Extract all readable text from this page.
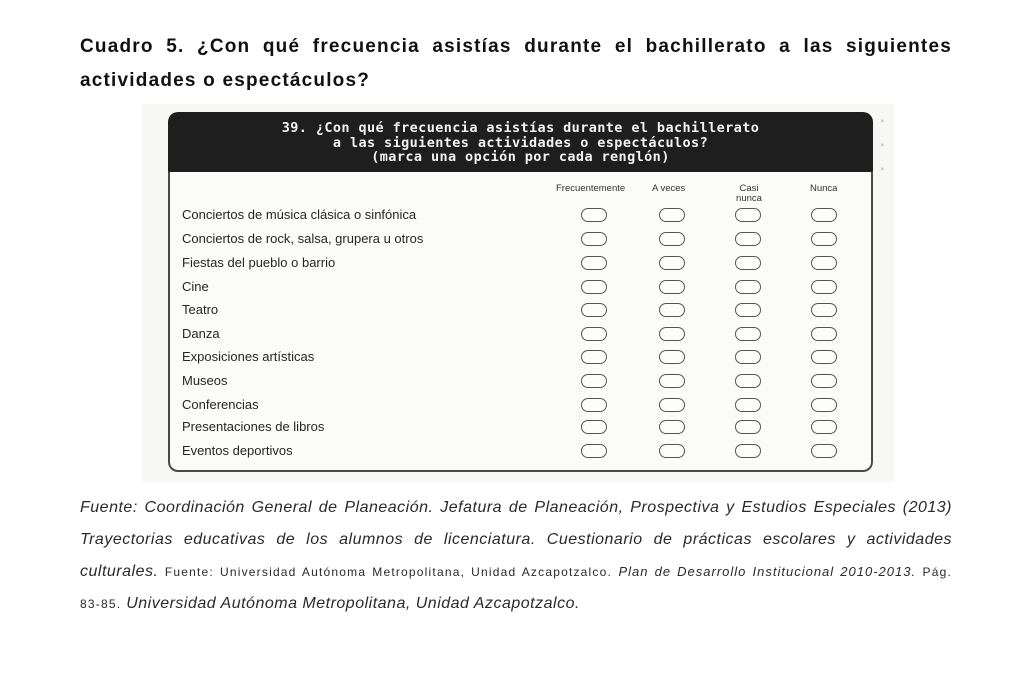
Cuadro 5. ¿Con qué frecuencia asistías durante el bachillerato a las siguientes actividades o espectáculos?
▪
▪
▪
39. ¿Con qué frecuencia asistías durante el bachillerato
a las siguientes actividades o espectáculos?
(marca una opción por cada renglón)
Frecuentemente	A veces	Casi nunca
Nunca
Conciertos de música clásica o sinfónica
Conciertos de rock, salsa, grupera u otros
Fiestas del pueblo o barrio
Cine
Teatro
Danza
Exposiciones artísticas
Museos
Conferencias
Presentaciones de libros
Eventos deportivos
Fuente: Coordinación General de Planeación. Jefatura de Planeación, Prospectiva y Estudios Especiales (2013) Trayectorias educativas de los alumnos de licenciatura. Cuestionario de prácticas escolares y actividades culturales. Fuente: Universidad Autónoma Metropolitana, Unidad Azcapotzalco. Plan de Desarrollo Institucional 2010-2013. Pág. 83-85. Universidad Autónoma Metropolitana, Unidad Azcapotzalco.
